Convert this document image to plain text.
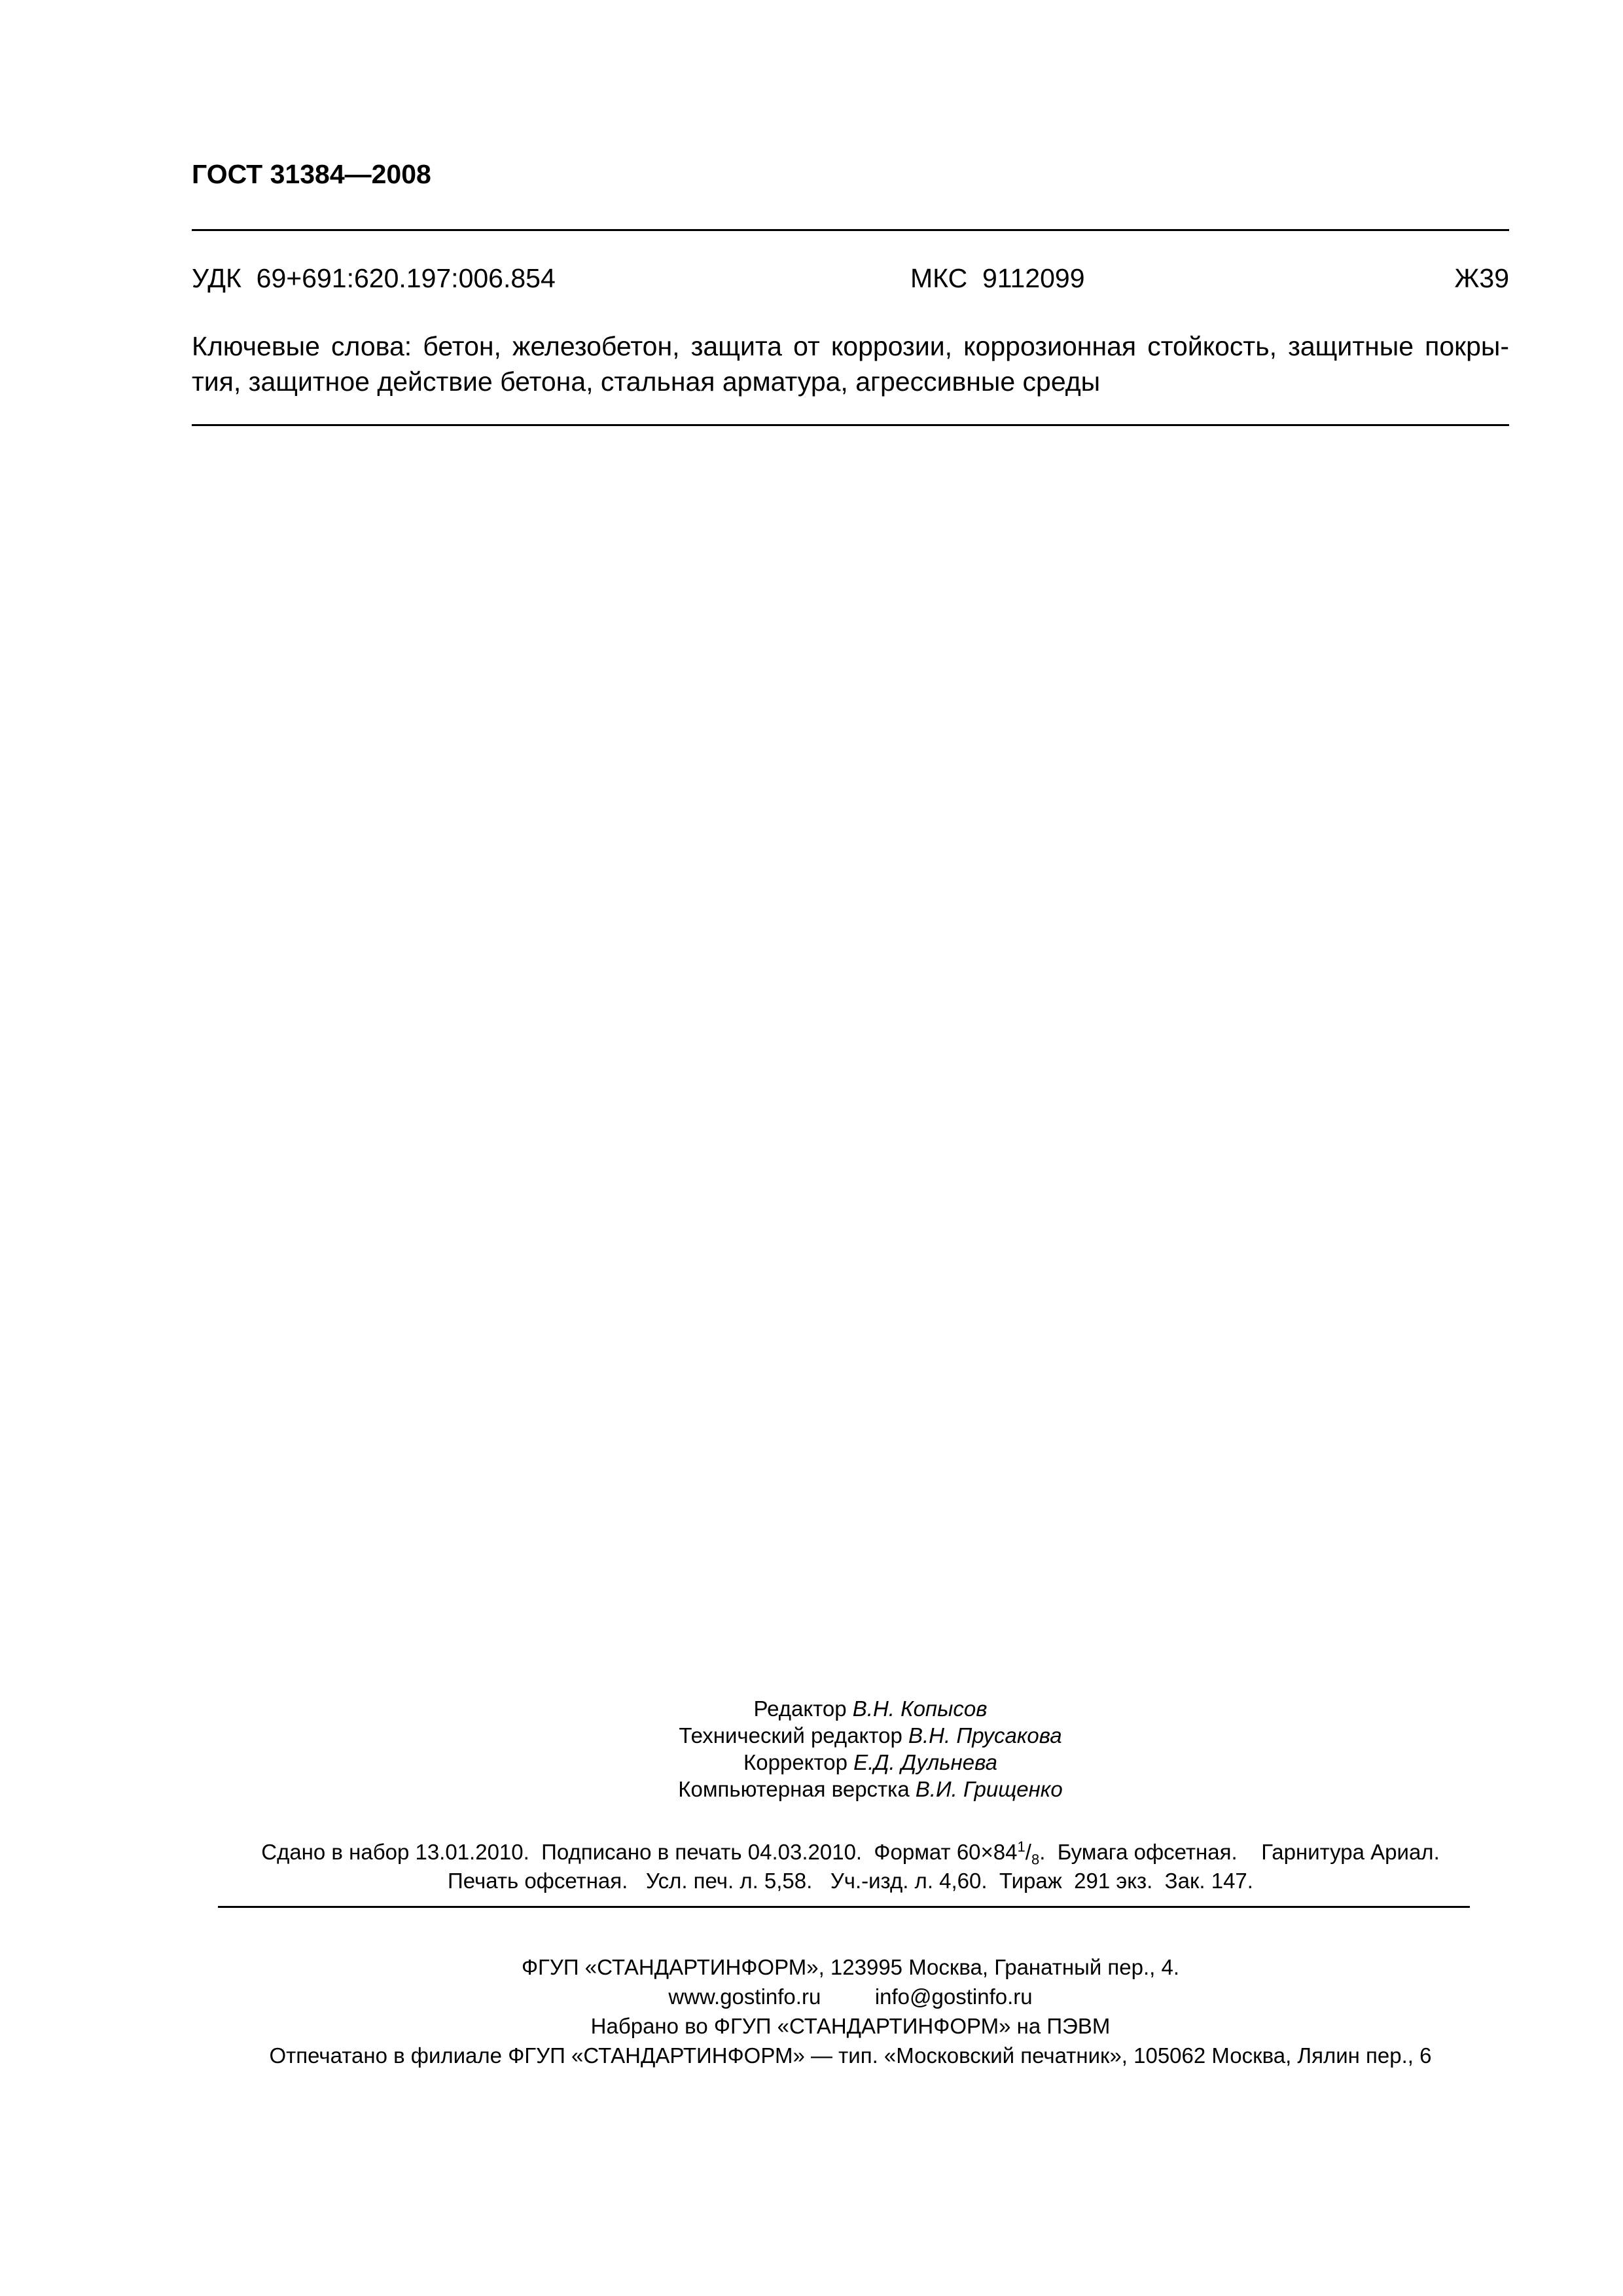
ГОСТ 31384—2008
УДК  69+691:620.197:006.854	МКС  9112099	Ж39
Ключевые слова: бетон, железобетон, защита от коррозии, коррозионная стойкость, защитные покры-
тия, защитное действие бетона, стальная арматура, агрессивные среды
Редактор В.Н. Копысов
Технический редактор В.Н. Прусакова
Корректор Е.Д. Дульнева
Компьютерная верстка В.И. Грищенко
Сдано в набор 13.01.2010.  Подписано в печать 04.03.2010.  Формат $60\times 84^1/_8$.  Бумага офсетная.    Гарнитура Ариал.
Печать офсетная.   Усл. печ. л. 5,58.   Уч.-изд. л. 4,60.  Тираж  291 экз.  Зак. 147.
ФГУП «СТАНДАРТИНФОРМ», 123995 Москва, Гранатный пер., 4.
www.gostinfo.ru	info@gostinfo.ru
Набрано во ФГУП «СТАНДАРТИНФОРМ» на ПЭВМ
Отпечатано в филиале ФГУП «СТАНДАРТИНФОРМ» — тип. «Московский печатник», 105062 Москва, Лялин пер., 6
